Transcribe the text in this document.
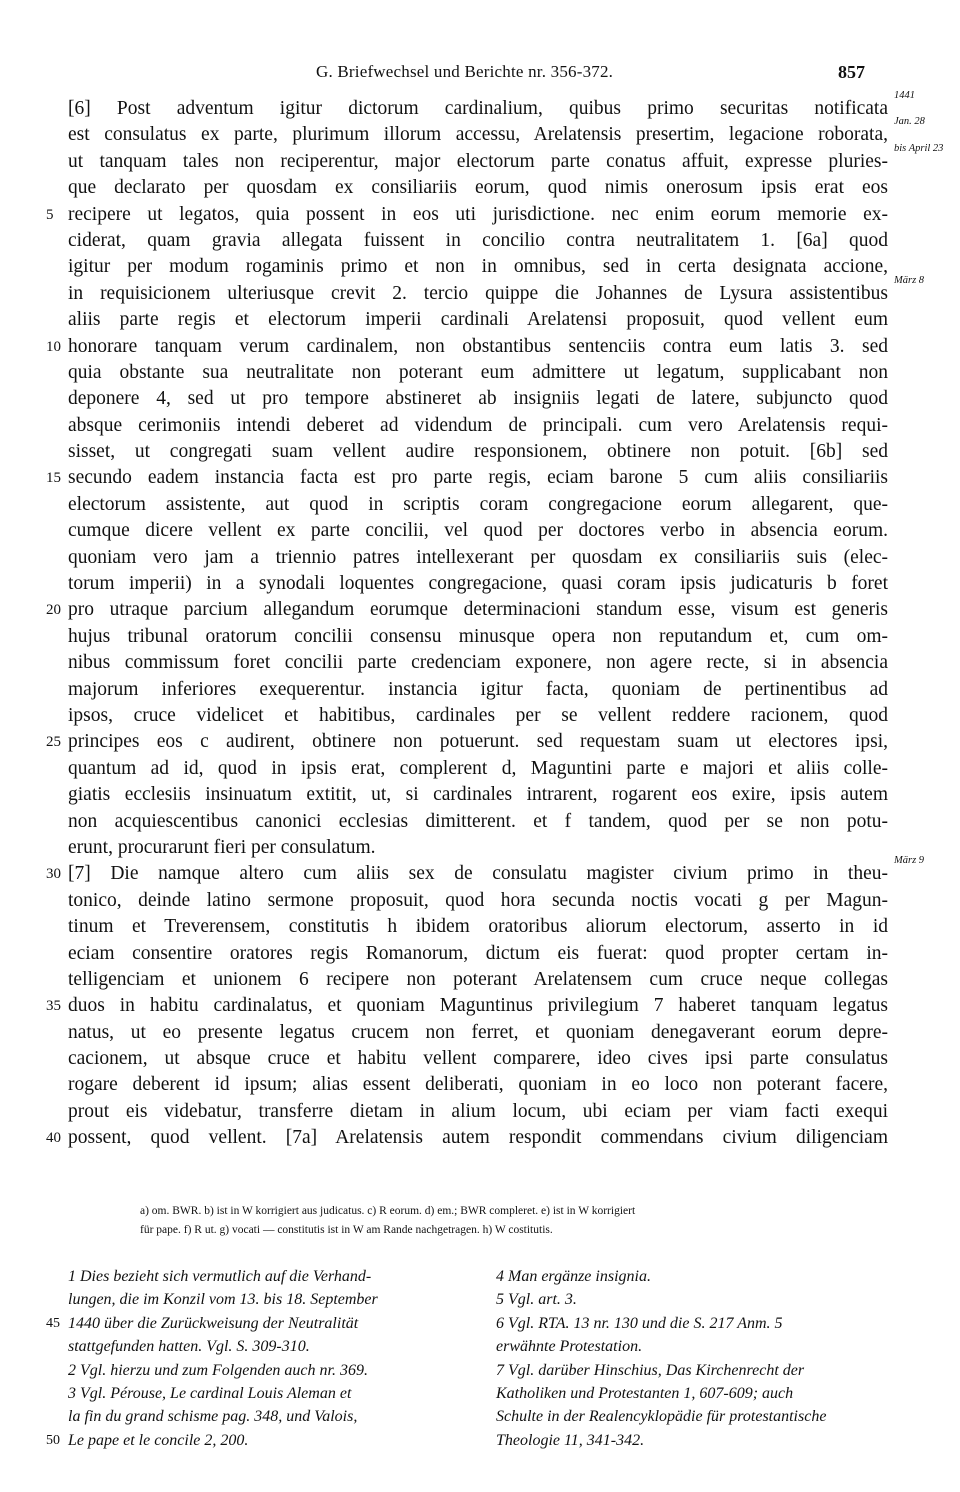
G. Briefwechsel und Berichte nr. 356-372.	857
[6] Post adventum igitur dictorum cardinalium, quibus primo securitas notificata
1441
est consulatus ex parte, plurimum illorum accessu, Arelatensis presertim, legacione roborata,
Jan. 28
ut tanquam tales non reciperentur, major electorum parte conatus affuit, expresse pluries-
bis April 23
que declarato per quosdam ex consiliariis eorum, quod nimis onerosum ipsis erat eos
5 recipere ut legatos, quia possent in eos uti jurisdictione. nec enim eorum memorie ex-
ciderat, quam gravia allegata fuissent in concilio contra neutralitatem 1. [6a] quod
igitur per modum rogaminis primo et non in omnibus, sed in certa designata accione,
in requisicionem ulteriusque crevit 2. tercio quippe die Johannes de Lysura assistentibus
März 8
aliis parte regis et electorum imperii cardinali Arelatensi proposuit, quod vellent eum
10 honorare tanquam verum cardinalem, non obstantibus sentenciis contra eum latis 3. sed
quia obstante sua neutralitate non poterant eum admittere ut legatum, supplicabant non
deponere 4, sed ut pro tempore abstineret ab insigniis legati de latere, subjuncto quod
absque cerimoniis intendi deberet ad videndum de principali. cum vero Arelatensis requi-
sisset, ut congregati suam vellent audire responsionem, obtinere non potuit. [6b] sed
15 secundo eadem instancia facta est pro parte regis, eciam barone 5 cum aliis consiliariis
electorum assistente, aut quod in scriptis coram congregacione eorum allegarent, que-
cumque dicere vellent ex parte concilii, vel quod per doctores verbo in absencia eorum.
quoniam vero jam a triennio patres intellexerant per quosdam ex consiliariis suis (elec-
torum imperii) in a synodali loquentes congregacione, quasi coram ipsis judicaturis b foret
20 pro utraque parcium allegandum eorumque determinacioni standum esse, visum est generis
hujus tribunal oratorum concilii consensu minusque opera non reputandum et, cum om-
nibus commissum foret concilii parte credenciam exponere, non agere recte, si in absencia
majorum inferiores exequerentur. instancia igitur facta, quoniam de pertinentibus ad
ipsos, cruce videlicet et habitibus, cardinales per se vellent reddere racionem, quod
25 principes eos c audirent, obtinere non potuerunt. sed requestam suam ut electores ipsi,
quantum ad id, quod in ipsis erat, complerent d, Maguntini parte e majori et aliis colle-
giatis ecclesiis insinuatum extitit, ut, si cardinales intrarent, rogarent eos exire, ipsis autem
non acquiescentibus canonici ecclesias dimitterent. et f tandem, quod per se non potu-
erunt, procurarunt fieri per consulatum.
30 [7] Die namque altero cum aliis sex de consulatu magister civium primo in theu-
März 9
tonico, deinde latino sermone proposuit, quod hora secunda noctis vocati g per Magun-
tinum et Treverensem, constitutis h ibidem oratoribus aliorum electorum, asserto in id
eciam consentire oratores regis Romanorum, dictum eis fuerat: quod propter certam in-
telligenciam et unionem 6 recipere non poterant Arelatensem cum cruce neque collegas
35 duos in habitu cardinalatus, et quoniam Maguntinus privilegium 7 haberet tanquam legatus
natus, ut eo presente legatus crucem non ferret, et quoniam denegaverant eorum depre-
cacionem, ut absque cruce et habitu vellent comparere, ideo cives ipsi parte consulatus
rogare deberent id ipsum; alias essent deliberati, quoniam in eo loco non poterant facere,
prout eis videbatur, transferre dietam in alium locum, ubi eciam per viam facti exequi
40 possent, quod vellent. [7a] Arelatensis autem respondit commendans civium diligenciam
a) om. BWR. b) ist in W korrigiert aus judicatus. c) R eorum. d) em.; BWR compleret. e) ist in W korrigiert
für pape. f) R ut. g) vocati — constitutis ist in W am Rande nachgetragen. h) W costitutis.
1 Dies bezieht sich vermutlich auf die Verhand-
lungen, die im Konzil vom 13. bis 18. September
45 1440 über die Zurückweisung der Neutralität
stattgefunden hatten. Vgl. S. 309-310.
2 Vgl. hierzu und zum Folgenden auch nr. 369.
3 Vgl. Pérouse, Le cardinal Louis Aleman et
la fin du grand schisme pag. 348, und Valois,
50 Le pape et le concile 2, 200.
4 Man ergänze insignia.
5 Vgl. art. 3.
6 Vgl. RTA. 13 nr. 130 und die S. 217 Anm. 5
erwähnte Protestation.
7 Vgl. darüber Hinschius, Das Kirchenrecht der
Katholiken und Protestanten 1, 607-609; auch
Schulte in der Realencyklopädie für protestantische
Theologie 11, 341-342.
